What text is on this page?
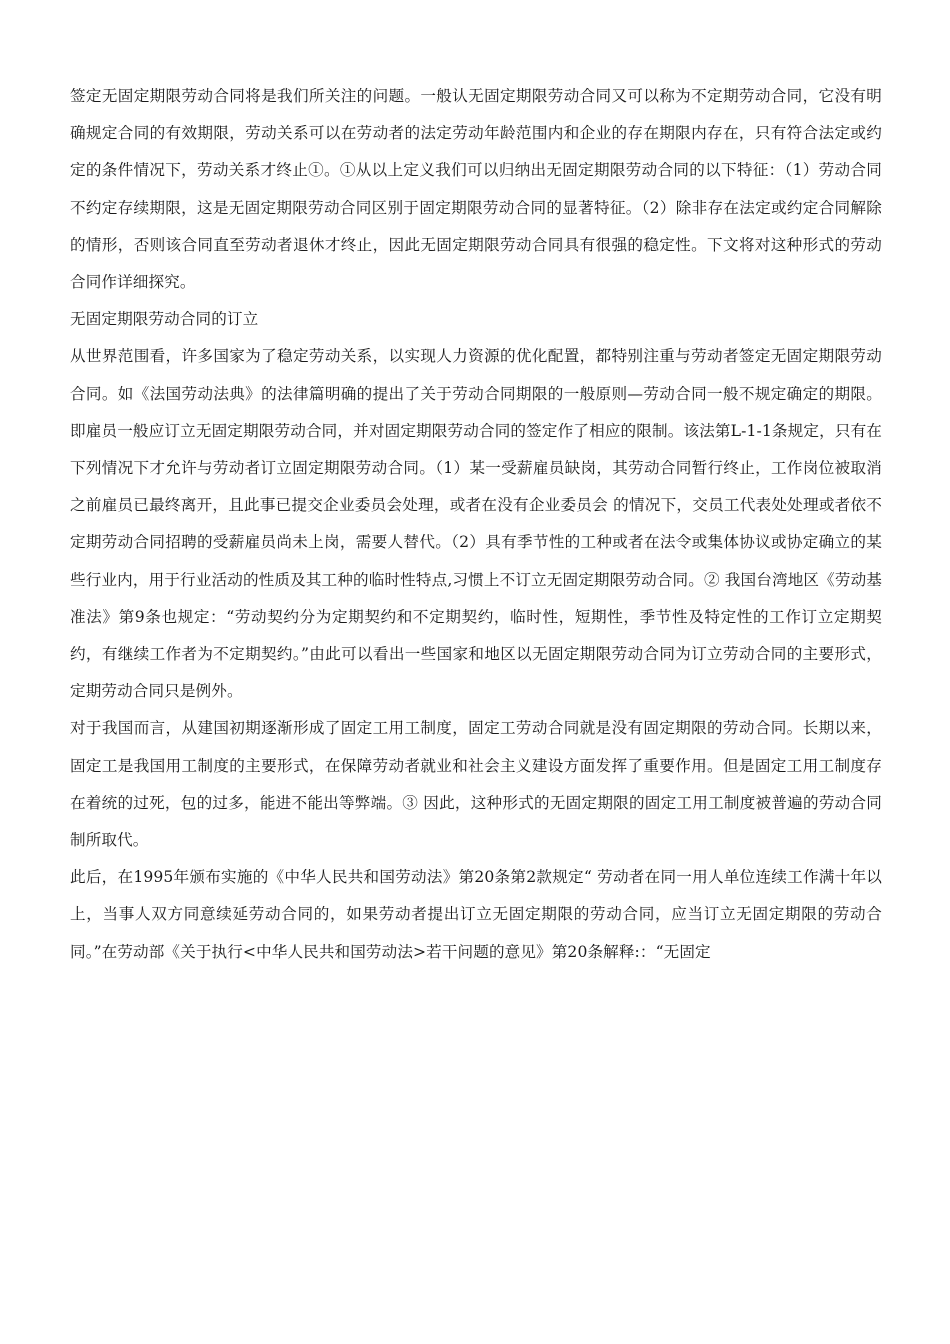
签定无固定期限劳动合同将是我们所关注的问题。一般认无固定期限劳动合同又可以称为不定期劳动合同，它没有明确规定合同的有效期限，劳动关系可以在劳动者的法定劳动年龄范围内和企业的存在期限内存在，只有符合法定或约定的条件情况下，劳动关系才终止①。①从以上定义我们可以归纳出无固定期限劳动合同的以下特征：（1）劳动合同不约定存续期限，这是无固定期限劳动合同区别于固定期限劳动合同的显著特征。（2）除非存在法定或约定合同解除的情形，否则该合同直至劳动者退休才终止，因此无固定期限劳动合同具有很强的稳定性。下文将对这种形式的劳动合同作详细探究。

无固定期限劳动合同的订立

从世界范围看，许多国家为了稳定劳动关系，以实现人力资源的优化配置，都特别注重与劳动者签定无固定期限劳动合同。如《法国劳动法典》的法律篇明确的提出了关于劳动合同期限的一般原则—劳动合同一般不规定确定的期限。即雇员一般应订立无固定期限劳动合同，并对固定期限劳动合同的签定作了相应的限制。该法第L-1-1条规定，只有在下列情况下才允许与劳动者订立固定期限劳动合同。（1）某一受薪雇员缺岗，其劳动合同暂行终止，工作岗位被取消之前雇员已最终离开，且此事已提交企业委员会处理，或者在没有企业委员会 的情况下，交员工代表处处理或者依不定期劳动合同招聘的受薪雇员尚未上岗，需要人替代。（2）具有季节性的工种或者在法令或集体协议或协定确立的某些行业内，用于行业活动的性质及其工种的临时性特点,习惯上不订立无固定期限劳动合同。② 我国台湾地区《劳动基准法》第9条也规定：“劳动契约分为定期契约和不定期契约，临时性，短期性，季节性及特定性的工作订立定期契约，有继续工作者为不定期契约。”由此可以看出一些国家和地区以无固定期限劳动合同为订立劳动合同的主要形式，定期劳动合同只是例外。

对于我国而言，从建国初期逐渐形成了固定工用工制度，固定工劳动合同就是没有固定期限的劳动合同。长期以来，固定工是我国用工制度的主要形式，在保障劳动者就业和社会主义建设方面发挥了重要作用。但是固定工用工制度存在着统的过死，包的过多，能进不能出等弊端。③ 因此，这种形式的无固定期限的固定工用工制度被普遍的劳动合同制所取代。

此后，在1995年颁布实施的《中华人民共和国劳动法》第20条第2款规定“ 劳动者在同一用人单位连续工作满十年以上，当事人双方同意续延劳动合同的，如果劳动者提出订立无固定期限的劳动合同，应当订立无固定期限的劳动合同。”在劳动部《关于执行<中华人民共和国劳动法>若干问题的意见》第20条解释:：“无固定
